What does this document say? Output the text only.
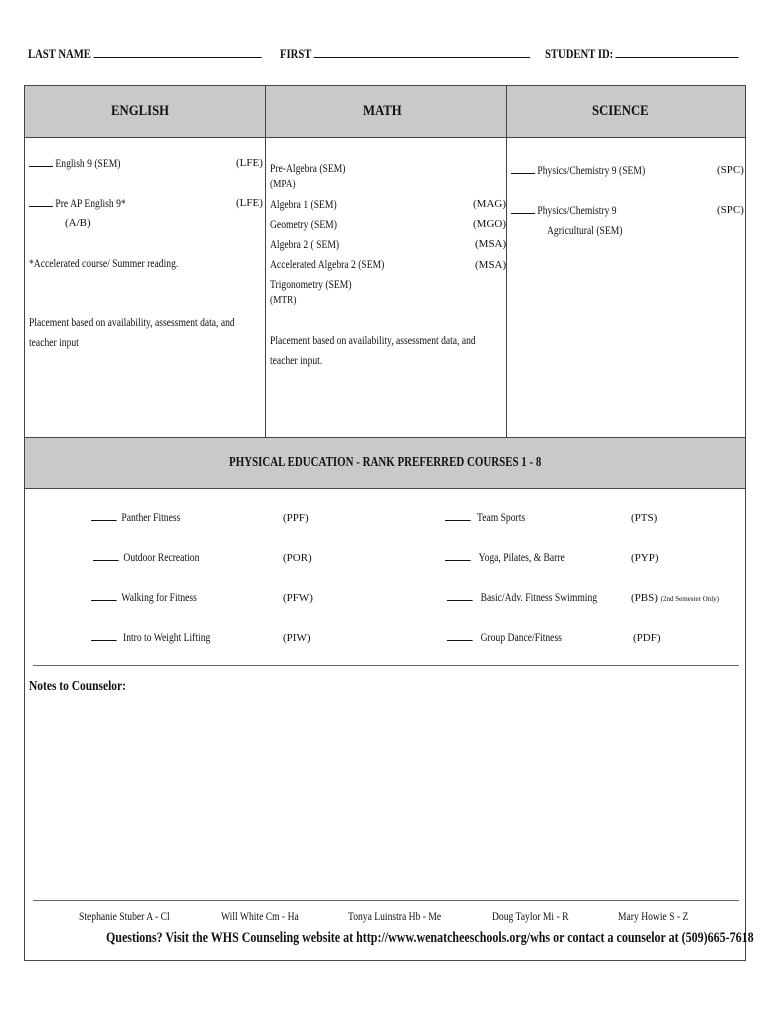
LAST NAME	FIRST	STUDENT ID:
ENGLISH	MATH	SCIENCE
English 9 (SEM)	(LFE)
Pre AP English 9*	(LFE)
(A/B)
*Accelerated course/ Summer reading.
Placement based on availability, assessment data, and teacher input
Pre-Algebra (SEM)
(MPA)
Algebra 1 (SEM)	(MAG)
Geometry (SEM)	(MGO)
Algebra 2 ( SEM)	(MSA)
Accelerated Algebra 2 (SEM)	(MSA)
Trigonometry (SEM)
(MTR)
Placement based on availability, assessment data, and teacher input.
Physics/Chemistry 9 (SEM)	(SPC)
Physics/Chemistry 9	(SPC)
Agricultural (SEM)
PHYSICAL EDUCATION - RANK PREFERRED COURSES 1 - 8
Panther Fitness	(PPF)
Outdoor Recreation	(POR)
Walking for Fitness	(PFW)
Intro to Weight Lifting	(PIW)
Team Sports	(PTS)
Yoga, Pilates, & Barre	(PYP)
Basic/Adv. Fitness Swimming	(PBS) (2nd Semester Only)
Group Dance/Fitness	(PDF)
Notes to Counselor:
Stephanie Stuber A - Cl	Will White Cm - Ha	Tonya Luinstra Hb - Me	Doug Taylor Mi - R	Mary Howie S - Z
Questions? Visit the WHS Counseling website at http://www.wenatcheeschools.org/whs or contact a counselor at (509)665-7618
